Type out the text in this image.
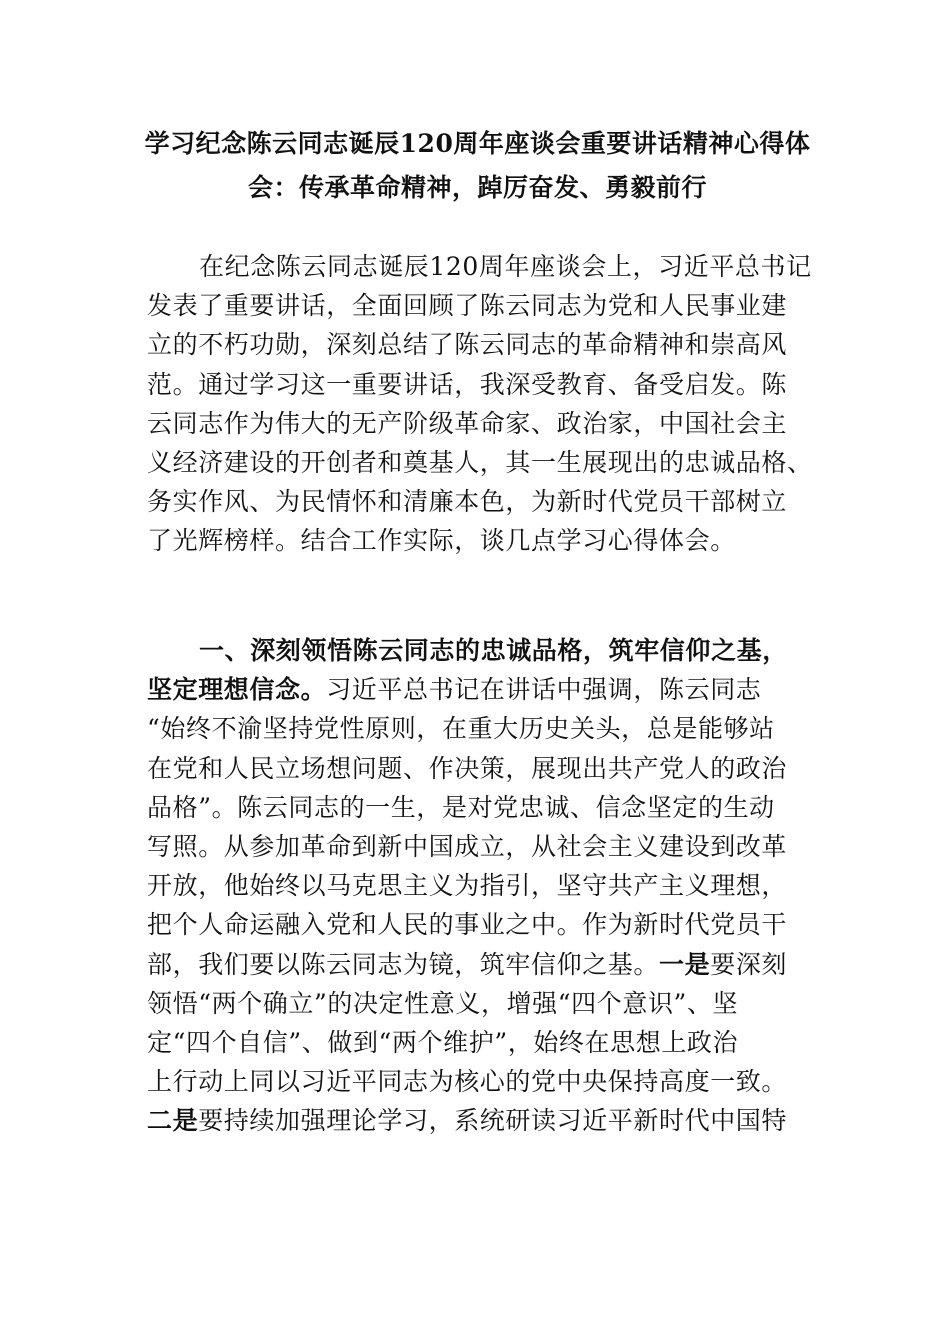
学习纪念陈云同志诞辰120周年座谈会重要讲话精神心得体
会：传承革命精神，踔厉奋发、勇毅前行
在纪念陈云同志诞辰120周年座谈会上，习近平总书记
发表了重要讲话，全面回顾了陈云同志为党和人民事业建
立的不朽功勋，深刻总结了陈云同志的革命精神和崇高风
范。通过学习这一重要讲话，我深受教育、备受启发。陈
云同志作为伟大的无产阶级革命家、政治家，中国社会主
义经济建设的开创者和奠基人，其一生展现出的忠诚品格、
务实作风、为民情怀和清廉本色，为新时代党员干部树立
了光辉榜样。结合工作实际，谈几点学习心得体会。
一、深刻领悟陈云同志的忠诚品格，筑牢信仰之基，
坚定理想信念。习近平总书记在讲话中强调，陈云同志
“始终不渝坚持党性原则，在重大历史关头，总是能够站
在党和人民立场想问题、作决策，展现出共产党人的政治
品格”。陈云同志的一生，是对党忠诚、信念坚定的生动
写照。从参加革命到新中国成立，从社会主义建设到改革
开放，他始终以马克思主义为指引，坚守共产主义理想，
把个人命运融入党和人民的事业之中。作为新时代党员干
部，我们要以陈云同志为镜，筑牢信仰之基。一是要深刻
领悟“两个确立”的决定性意义，增强“四个意识”、坚
定“四个自信”、做到“两个维护”，始终在思想上政治
上行动上同以习近平同志为核心的党中央保持高度一致。
二是要持续加强理论学习，系统研读习近平新时代中国特
